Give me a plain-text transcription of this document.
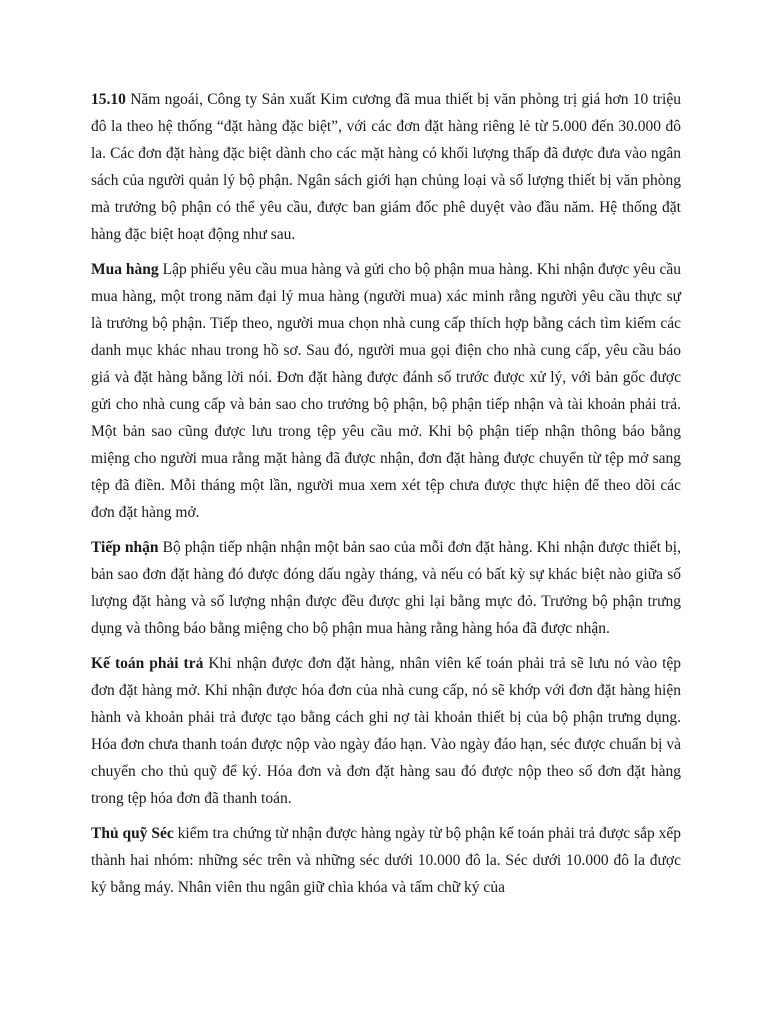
15.10 Năm ngoái, Công ty Sản xuất Kim cương đã mua thiết bị văn phòng trị giá hơn 10 triệu đô la theo hệ thống “đặt hàng đặc biệt”, với các đơn đặt hàng riêng lẻ từ 5.000 đến 30.000 đô la. Các đơn đặt hàng đặc biệt dành cho các mặt hàng có khối lượng thấp đã được đưa vào ngân sách của người quản lý bộ phận. Ngân sách giới hạn chủng loại và số lượng thiết bị văn phòng mà trưởng bộ phận có thể yêu cầu, được ban giám đốc phê duyệt vào đầu năm. Hệ thống đặt hàng đặc biệt hoạt động như sau.

Mua hàng Lập phiếu yêu cầu mua hàng và gửi cho bộ phận mua hàng. Khi nhận được yêu cầu mua hàng, một trong năm đại lý mua hàng (người mua) xác minh rằng người yêu cầu thực sự là trưởng bộ phận. Tiếp theo, người mua chọn nhà cung cấp thích hợp bằng cách tìm kiếm các danh mục khác nhau trong hồ sơ. Sau đó, người mua gọi điện cho nhà cung cấp, yêu cầu báo giá và đặt hàng bằng lời nói. Đơn đặt hàng được đánh số trước được xử lý, với bản gốc được gửi cho nhà cung cấp và bản sao cho trưởng bộ phận, bộ phận tiếp nhận và tài khoản phải trả. Một bản sao cũng được lưu trong tệp yêu cầu mở. Khi bộ phận tiếp nhận thông báo bằng miệng cho người mua rằng mặt hàng đã được nhận, đơn đặt hàng được chuyển từ tệp mở sang tệp đã điền. Mỗi tháng một lần, người mua xem xét tệp chưa được thực hiện để theo dõi các đơn đặt hàng mở.

Tiếp nhận Bộ phận tiếp nhận nhận một bản sao của mỗi đơn đặt hàng. Khi nhận được thiết bị, bản sao đơn đặt hàng đó được đóng dấu ngày tháng, và nếu có bất kỳ sự khác biệt nào giữa số lượng đặt hàng và số lượng nhận được đều được ghi lại bằng mực đỏ. Trưởng bộ phận trưng dụng và thông báo bằng miệng cho bộ phận mua hàng rằng hàng hóa đã được nhận.

Kế toán phải trả Khi nhận được đơn đặt hàng, nhân viên kế toán phải trả sẽ lưu nó vào tệp đơn đặt hàng mở. Khi nhận được hóa đơn của nhà cung cấp, nó sẽ khớp với đơn đặt hàng hiện hành và khoản phải trả được tạo bằng cách ghi nợ tài khoản thiết bị của bộ phận trưng dụng. Hóa đơn chưa thanh toán được nộp vào ngày đáo hạn. Vào ngày đáo hạn, séc được chuẩn bị và chuyển cho thủ quỹ để ký. Hóa đơn và đơn đặt hàng sau đó được nộp theo số đơn đặt hàng trong tệp hóa đơn đã thanh toán.

Thủ quỹ Séc kiểm tra chứng từ nhận được hàng ngày từ bộ phận kế toán phải trả được sắp xếp thành hai nhóm: những séc trên và những séc dưới 10.000 đô la. Séc dưới 10.000 đô la được ký bằng máy. Nhân viên thu ngân giữ chìa khóa và tấm chữ ký của
